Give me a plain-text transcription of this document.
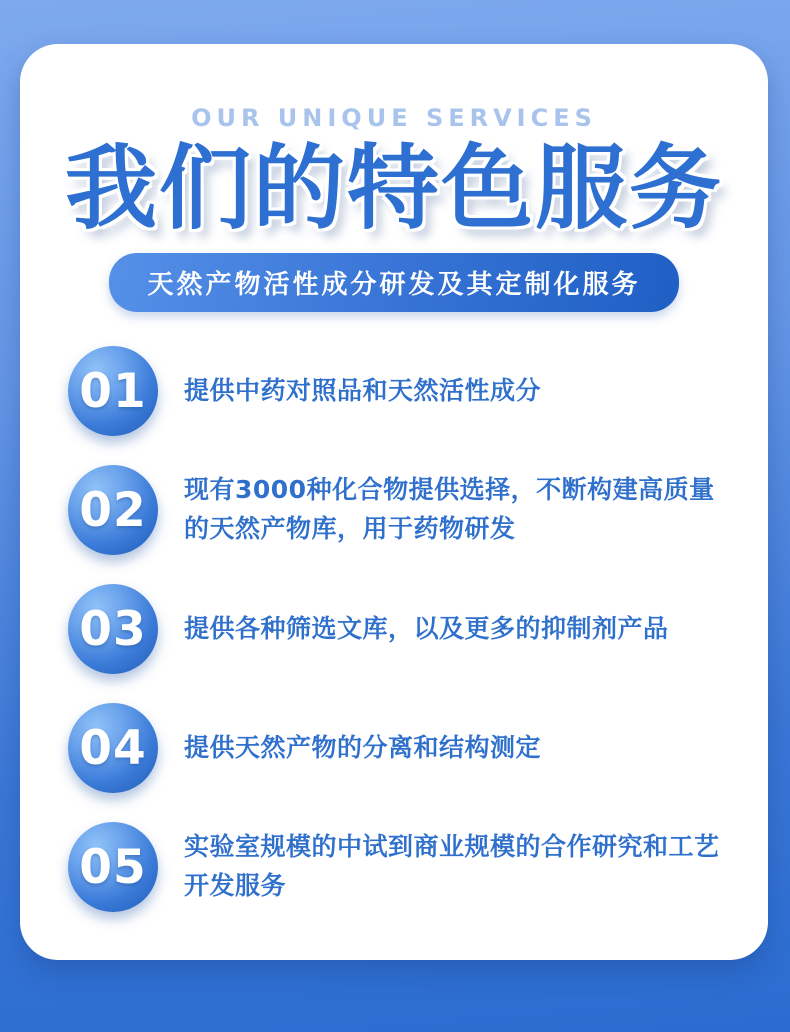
OUR UNIQUE SERVICES
我们的特色服务
天然产物活性成分研发及其定制化服务
01 提供中药对照品和天然活性成分
02 现有3000种化合物提供选择，不断构建高质量的天然产物库，用于药物研发
03 提供各种筛选文库，以及更多的抑制剂产品
04 提供天然产物的分离和结构测定
05 实验室规模的中试到商业规模的合作研究和工艺开发服务
